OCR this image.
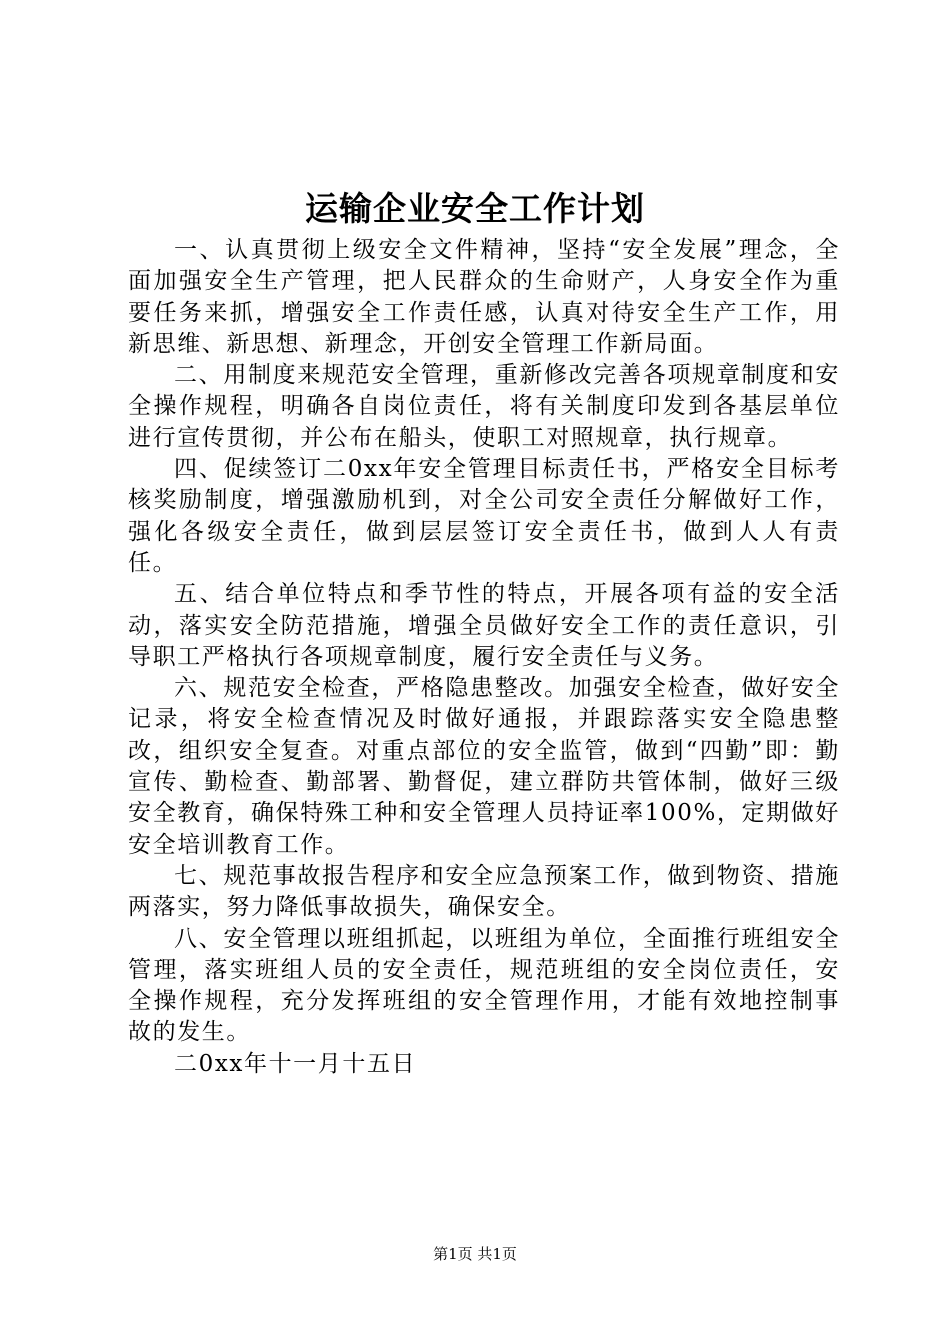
运输企业安全工作计划

一、认真贯彻上级安全文件精神，坚持“安全发展”理念，全面加强安全生产管理，把人民群众的生命财产，人身安全作为重要任务来抓，增强安全工作责任感，认真对待安全生产工作，用新思维、新思想、新理念，开创安全管理工作新局面。

二、用制度来规范安全管理，重新修改完善各项规章制度和安全操作规程，明确各自岗位责任，将有关制度印发到各基层单位进行宣传贯彻，并公布在船头，使职工对照规章，执行规章。

四、促续签订二0xx年安全管理目标责任书，严格安全目标考核奖励制度，增强激励机到，对全公司安全责任分解做好工作，强化各级安全责任，做到层层签订安全责任书，做到人人有责任。

五、结合单位特点和季节性的特点，开展各项有益的安全活动，落实安全防范措施，增强全员做好安全工作的责任意识，引导职工严格执行各项规章制度，履行安全责任与义务。

六、规范安全检查，严格隐患整改。加强安全检查，做好安全记录，将安全检查情况及时做好通报，并跟踪落实安全隐患整改，组织安全复查。对重点部位的安全监管，做到“四勤”即：勤宣传、勤检查、勤部署、勤督促，建立群防共管体制，做好三级安全教育，确保特殊工种和安全管理人员持证率100%，定期做好安全培训教育工作。

七、规范事故报告程序和安全应急预案工作，做到物资、措施两落实，努力降低事故损失，确保安全。

八、安全管理以班组抓起，以班组为单位，全面推行班组安全管理，落实班组人员的安全责任，规范班组的安全岗位责任，安全操作规程，充分发挥班组的安全管理作用，才能有效地控制事故的发生。

二0xx年十一月十五日

第1页 共1页
